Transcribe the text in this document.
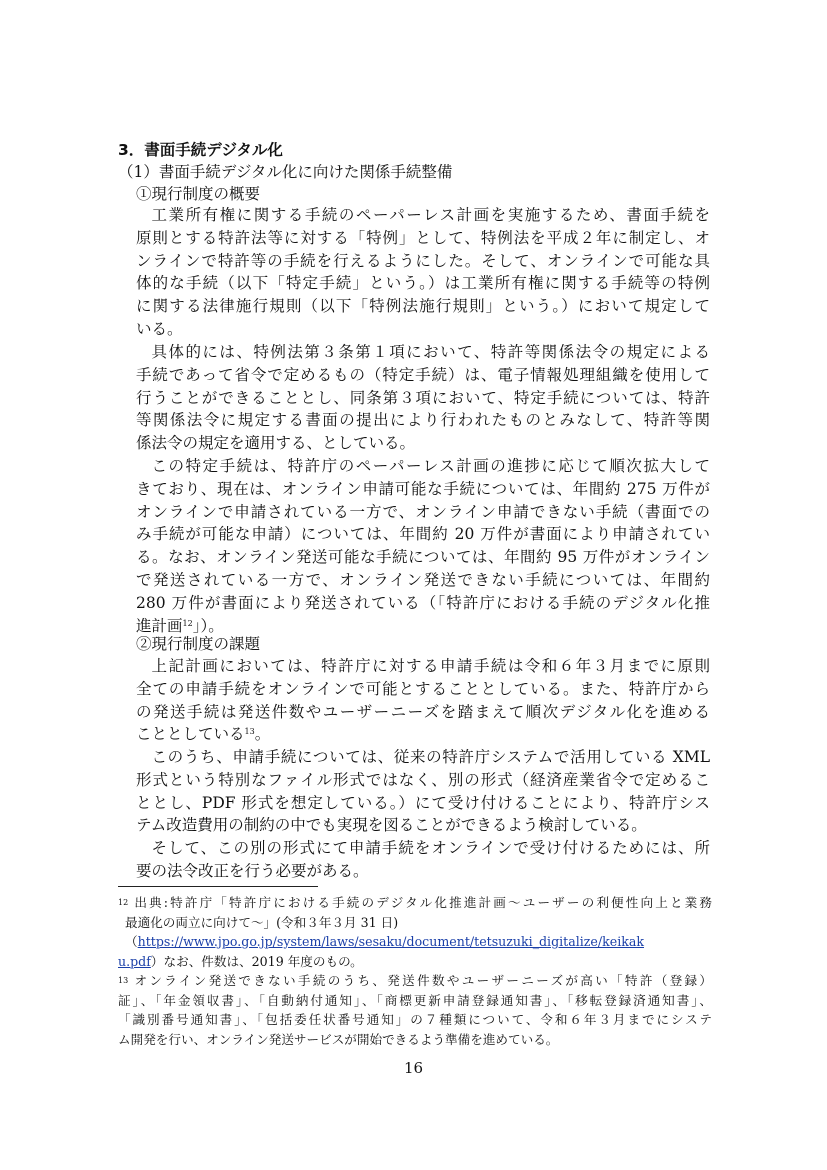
3．書面手続デジタル化
（1）書面手続デジタル化に向けた関係手続整備
①現行制度の概要
工業所有権に関する手続のペーパーレス計画を実施するため、書面手続を
原則とする特許法等に対する「特例」として、特例法を平成２年に制定し、オ
ンラインで特許等の手続を行えるようにした。そして、オンラインで可能な具
体的な手続（以下「特定手続」という。）は工業所有権に関する手続等の特例
に関する法律施行規則（以下「特例法施行規則」という。）において規定して
いる。
具体的には、特例法第３条第１項において、特許等関係法令の規定による
手続であって省令で定めるもの（特定手続）は、電子情報処理組織を使用して
行うことができることとし、同条第３項において、特定手続については、特許
等関係法令に規定する書面の提出により行われたものとみなして、特許等関
係法令の規定を適用する、としている。
この特定手続は、特許庁のペーパーレス計画の進捗に応じて順次拡大して
きており、現在は、オンライン申請可能な手続については、年間約 275 万件が
オンラインで申請されている一方で、オンライン申請できない手続（書面での
み手続が可能な申請）については、年間約 20 万件が書面により申請されてい
る。なお、オンライン発送可能な手続については、年間約 95 万件がオンライン
で発送されている一方で、オンライン発送できない手続については、年間約
280 万件が書面により発送されている（「特許庁における手続のデジタル化推
進計画$^{12}$」）。
②現行制度の課題
上記計画においては、特許庁に対する申請手続は令和６年３月までに原則
全ての申請手続をオンラインで可能とすることとしている。また、特許庁から
の発送手続は発送件数やユーザーニーズを踏まえて順次デジタル化を進める
こととしている$^{13}$。
このうち、申請手続については、従来の特許庁システムで活用している XML
形式という特別なファイル形式ではなく、別の形式（経済産業省令で定めるこ
ととし、PDF 形式を想定している。）にて受け付けることにより、特許庁シス
テム改造費用の制約の中でも実現を図ることができるよう検討している。
そして、この別の形式にて申請手続をオンラインで受け付けるためには、所
要の法令改正を行う必要がある。
$^{12}$ 出典:特許庁「特許庁における手続のデジタル化推進計画～ユーザーの利便性向上と業務
最適化の両立に向けて～」(令和３年３月 31 日)
（https://www.jpo.go.jp/system/laws/sesaku/document/tetsuzuki_digitalize/keikak
u.pdf）なお、件数は、2019 年度のもの。
$^{13}$ オンライン発送できない手続のうち、発送件数やユーザーニーズが高い「特許（登録）
証」、「年金領収書」、「自動納付通知」、「商標更新申請登録通知書」、「移転登録済通知書」、
「識別番号通知書」、「包括委任状番号通知」の７種類について、令和６年３月までにシステ
ム開発を行い、オンライン発送サービスが開始できるよう準備を進めている。
16
